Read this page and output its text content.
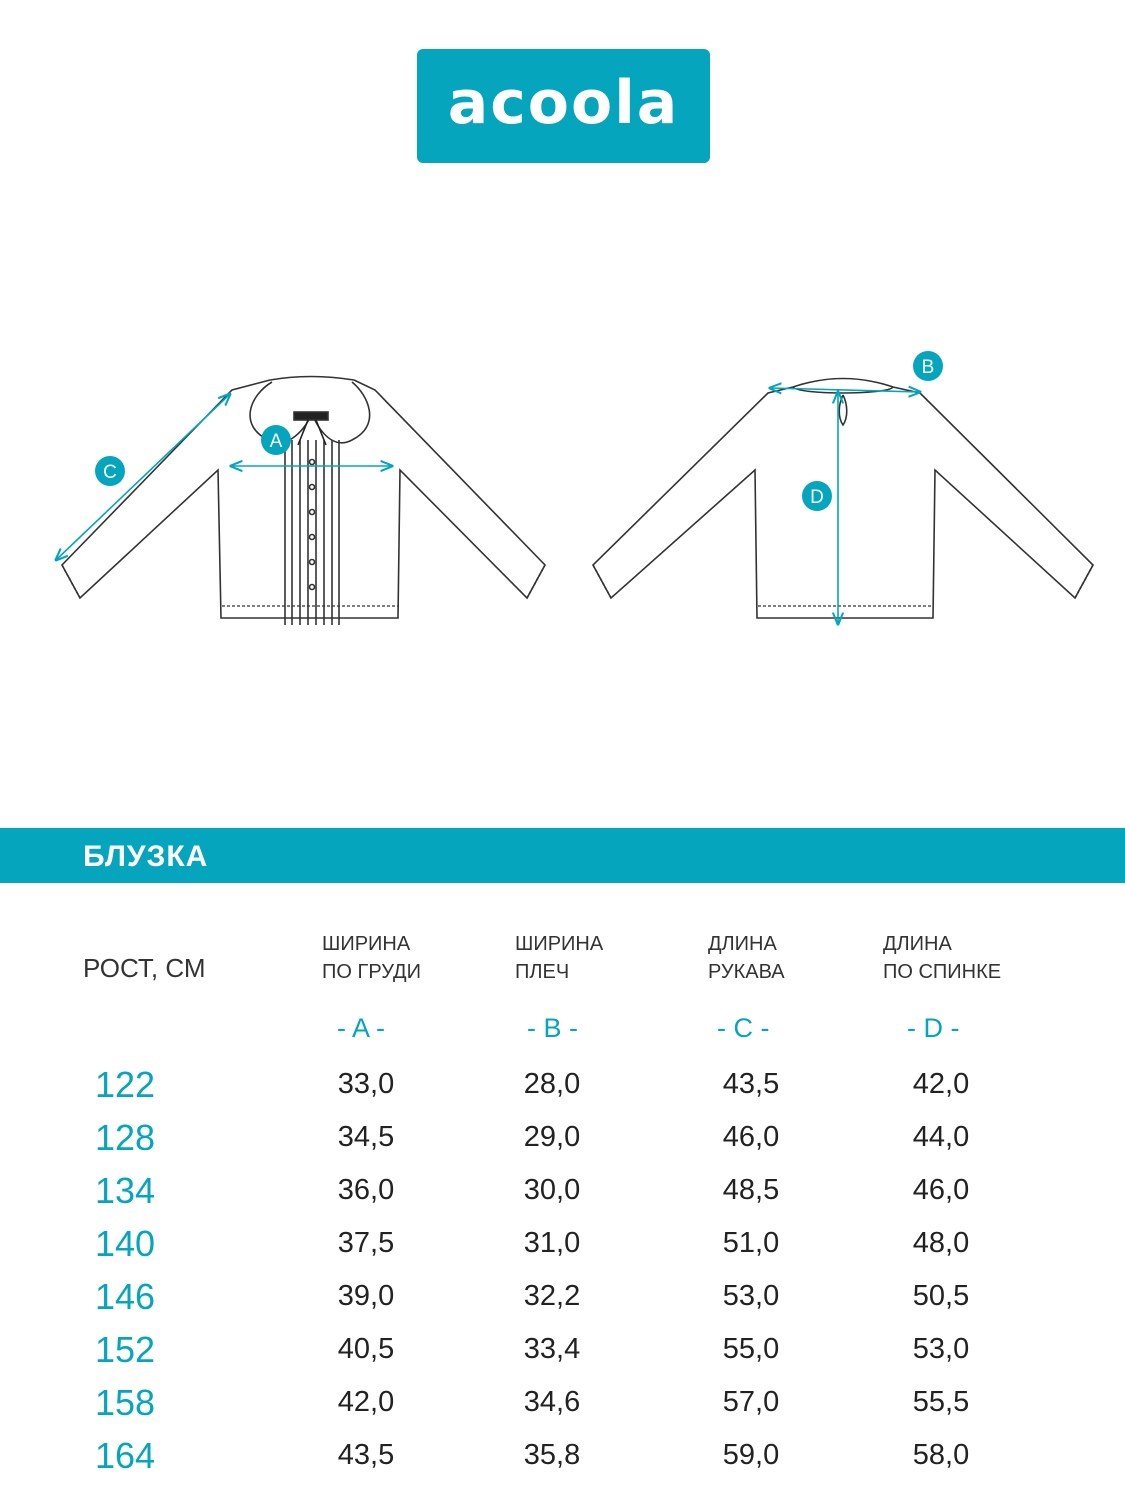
acoola
A
B
C
D
БЛУЗКА
РОСТ, СМ
ШИРИНА
ПО ГРУДИ
ШИРИНА
ПЛЕЧ
ДЛИНА
РУКАВА
ДЛИНА
ПО СПИНКЕ
- A -	- B -	- C -	- D -
122	33,0	28,0	43,5	42,0
128	34,5	29,0	46,0	44,0
134	36,0	30,0	48,5	46,0
140	37,5	31,0	51,0	48,0
146	39,0	32,2	53,0	50,5
152	40,5	33,4	55,0	53,0
158	42,0	34,6	57,0	55,5
164	43,5	35,8	59,0	58,0
